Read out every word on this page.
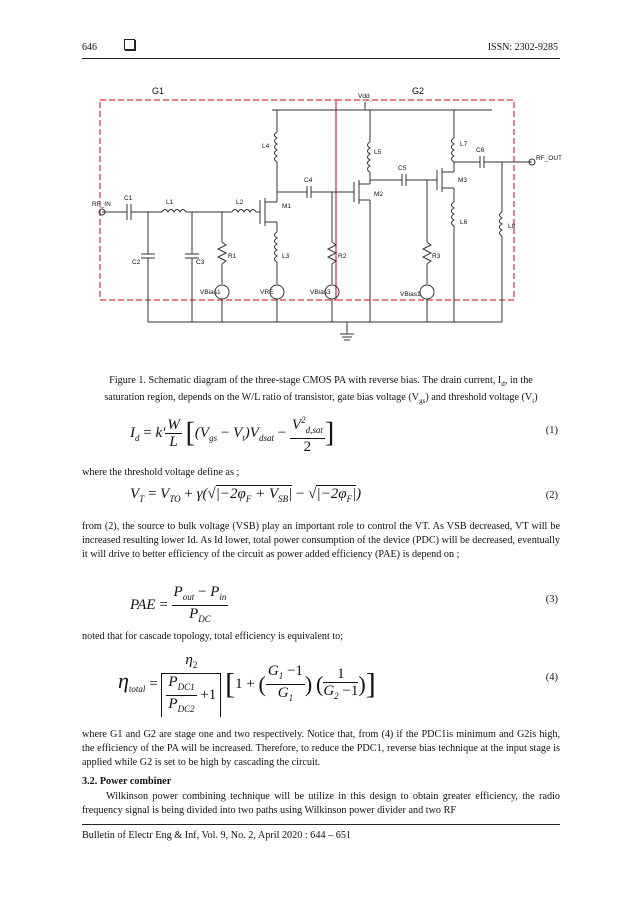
646	ISSN: 2302-9285
G1	G2
Vdd
RF_IN
RF_OUT
C1
C2	C3
C4
C5
C6
L1	L2
L3
L4
L5
L6
L7
L8
R1	R2	R3
M1
M2
M3
VBias1	VRE	VBias3	VBias1
Figure 1. Schematic diagram of the three-stage CMOS PA with reverse bias. The drain current, $I_d$, in the
saturation region, depends on the W/L ratio of transistor, gate bias voltage $(V_{gs})$ and threshold voltage $(V_t)$
$I_d = k' \frac{W}{L} [(V_{gs} - V_t)V_{dsat} - \frac{V^2_{d,sat}}{2}$ ]	(1)
where the threshold voltage define as ;
$V_T = V_{TO} + \gamma(√|-2\varphi_F + V_{SB}| - √|-2\varphi_F|)$	(2)
from (2), the source to bulk voltage (VSB) play an important role to control the VT. As VSB decreased, VT will be increased resulting lower Id. As Id lower, total power consumption of the device (PDC) will be decreased, eventually it will drive to better efficiency of the circuit as power added efficiency (PAE) is depend on ;
PAE = $\frac{P_{out} - P_{in}}{P_{DC}}$	(3)
noted that for cascade topology, total efficiency is equivalent to;
$\eta_{total} = \frac{\eta_2}{\frac{P_{DC1}}{P_{DC2}} +1} [1$ + ( $\frac{G_1 -1}{G_1}$ ) ( $\frac{1}{G_2 -1}$ )]	(4)
where G1 and G2 are stage one and two respectively. Notice that, from (4) if the PDC1is minimum and G2is high, the efficiency of the PA will be increased. Therefore, to reduce the PDC1, reverse bias technique at the input stage is applied while G2 is set to be high by cascading the circuit.
3.2. Power combiner
Wilkinson power combining technique will be utilize in this design to obtain greater efficiency, the radio frequency signal is being divided into two paths using Wilkinson power divider and two RF
Bulletin of Electr Eng & Inf, Vol. 9, No. 2, April 2020 : 644 – 651
